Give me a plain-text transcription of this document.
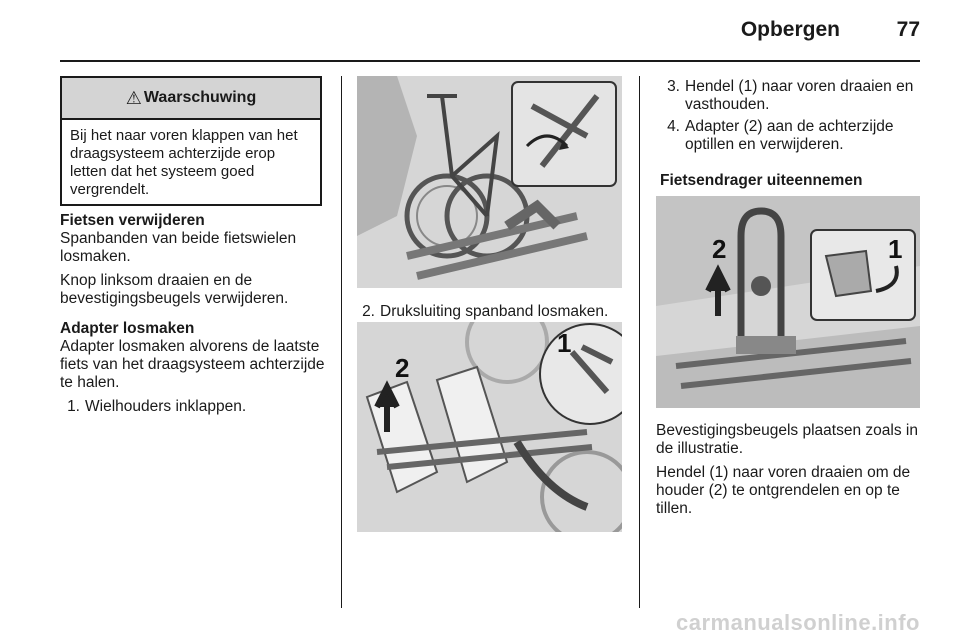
Opbergen	77
⚠ Waarschuwing
Bij het naar voren klappen van het draagsysteem achterzijde erop letten dat het systeem goed vergrendelt.
Fietsen verwijderen
Spanbanden van beide fietswielen losmaken.
Knop linksom draaien en de bevestigingsbeugels verwijderen.
Adapter losmaken
Adapter losmaken alvorens de laatste fiets van het draagsysteem achterzijde te halen.
1. Wielhouders inklappen.
2. Druksluiting spanband losmaken.
2
1
3. Hendel (1) naar voren draaien en vasthouden.
4. Adapter (2) aan de achterzijde optillen en verwijderen.
Fietsendrager uiteennemen
2	1
Bevestigingsbeugels plaatsen zoals in de illustratie.
Hendel (1) naar voren draaien om de houder (2) te ontgrendelen en op te tillen.
carmanualsonline.info
